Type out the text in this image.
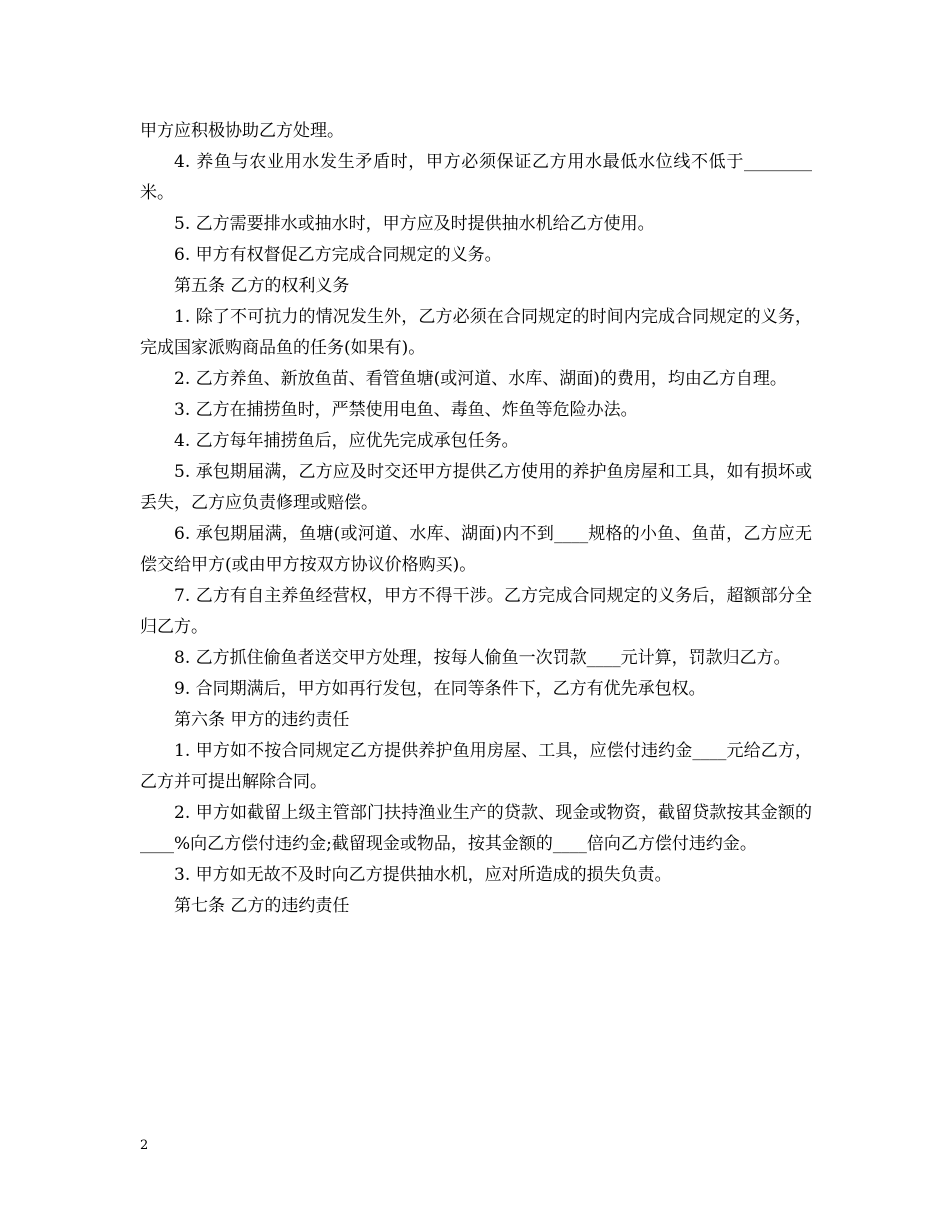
甲方应积极协助乙方处理。

4. 养鱼与农业用水发生矛盾时，甲方必须保证乙方用水最低水位线不低于________米。

5. 乙方需要排水或抽水时，甲方应及时提供抽水机给乙方使用。

6. 甲方有权督促乙方完成合同规定的义务。

第五条 乙方的权利义务

1. 除了不可抗力的情况发生外，乙方必须在合同规定的时间内完成合同规定的义务，完成国家派购商品鱼的任务(如果有)。

2. 乙方养鱼、新放鱼苗、看管鱼塘(或河道、水库、湖面)的费用，均由乙方自理。

3. 乙方在捕捞鱼时，严禁使用电鱼、毒鱼、炸鱼等危险办法。

4. 乙方每年捕捞鱼后，应优先完成承包任务。

5. 承包期届满，乙方应及时交还甲方提供乙方使用的养护鱼房屋和工具，如有损坏或丢失，乙方应负责修理或赔偿。

6. 承包期届满，鱼塘(或河道、水库、湖面)内不到____规格的小鱼、鱼苗，乙方应无偿交给甲方(或由甲方按双方协议价格购买)。

7. 乙方有自主养鱼经营权，甲方不得干涉。乙方完成合同规定的义务后，超额部分全归乙方。

8. 乙方抓住偷鱼者送交甲方处理，按每人偷鱼一次罚款____元计算，罚款归乙方。

9. 合同期满后，甲方如再行发包，在同等条件下，乙方有优先承包权。

第六条 甲方的违约责任

1. 甲方如不按合同规定乙方提供养护鱼用房屋、工具，应偿付违约金____元给乙方，乙方并可提出解除合同。

2. 甲方如截留上级主管部门扶持渔业生产的贷款、现金或物资，截留贷款按其金额的____%向乙方偿付违约金;截留现金或物品，按其金额的____倍向乙方偿付违约金。

3. 甲方如无故不及时向乙方提供抽水机，应对所造成的损失负责。

第七条 乙方的违约责任

2
